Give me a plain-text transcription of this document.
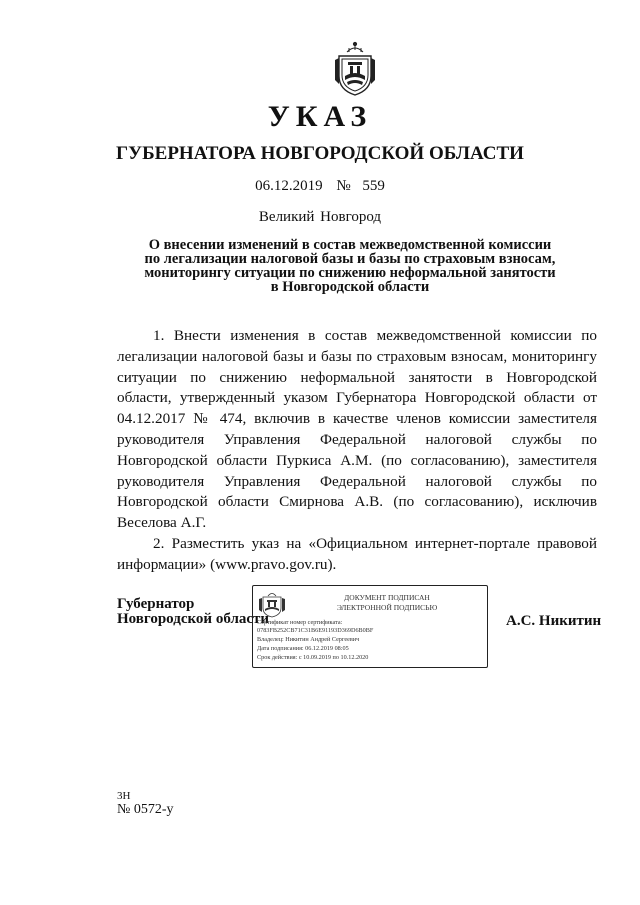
УКАЗ
ГУБЕРНАТОРА НОВГОРОДСКОЙ ОБЛАСТИ
06.12.2019 № 559
Великий Новгород
О внесении изменений в состав межведомственной комиссии
по легализации налоговой базы и базы по страховым взносам,
мониторингу ситуации по снижению неформальной занятости
в Новгородской области

1. Внести изменения в состав межведомственной комиссии по легализации налоговой базы и базы по страховым взносам, мониторингу ситуации по снижению неформальной занятости в Новгородской области, утвержденный указом Губернатора Новгородской области от 04.12.2017 № 474, включив в качестве членов комиссии заместителя руководителя Управления Федеральной налоговой службы по Новгородской области Пуркиса А.М. (по согласованию), заместителя руководителя Управления Федеральной налоговой службы по Новгородской области Смирнова А.В. (по согласованию), исключив Веселова А.Г.

2. Разместить указ на «Официальном интернет-портале правовой информации» (www.pravo.gov.ru).

Губернатор
Новгородской области
ДОКУМЕНТ ПОДПИСАН
ЭЛЕКТРОННОЙ ПОДПИСЬЮ
Сертификат номер сертификата:
0783FB252CB71C31B6E91193D369D6B0BF
Владелец: Никитин Андрей Сергеевич
Дата подписания: 06.12.2019 08:05
Срок действия: с 10.09.2019 по 10.12.2020
А.С. Никитин
3Н
№ 0572-у
